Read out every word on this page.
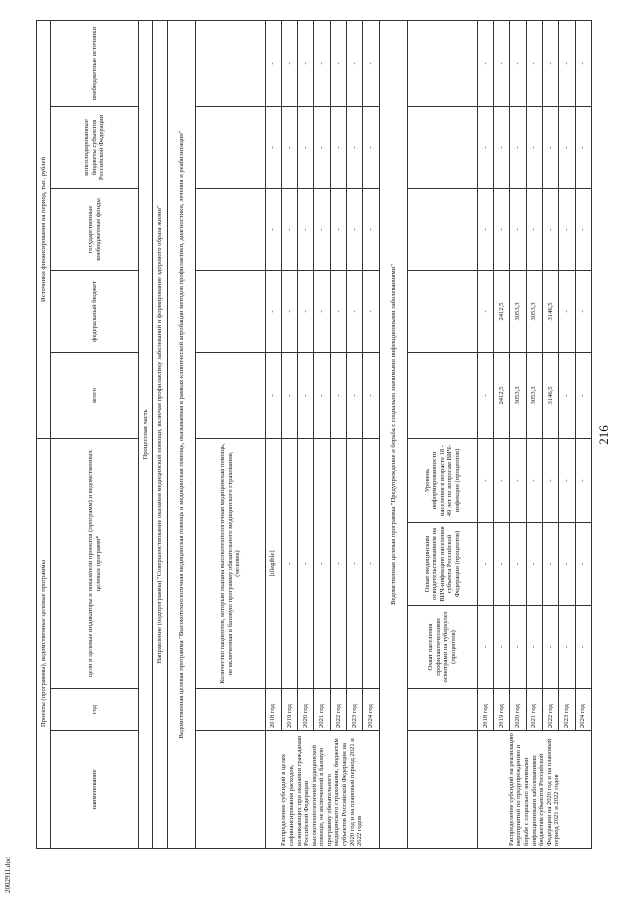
216
Проекты (программы), ведомственные целевые программы					Источники финансирования на период, тыс. рублей				
наименование	год	цели и целевые индикаторы и показатели проектов (программ) и ведомственных целевых программ*			всего	федеральный бюджет	государственные внебюджетные фонды	консолидированные бюджеты субъектов Российской Федерации	внебюджетные источники
Процессная часть									
Направление (подпрограмма) "Совершенствование оказания медицинской помощи, включая профилактику заболеваний и формирование здорового образа жизни"									
Ведомственная целевая программа "Высокотехнологичная медицинская помощь и медицинская помощь, оказываемая в рамках клинической апробации методов профилактики, диагностики, лечения и реабилитации"									
		Количество пациентов, которым оказана высокотехнологичная медицинская помощь, не включенная в базовую программу обязательного медицинского страхования, (человек)							
Распределение субсидий в целях софинансирования расходов, возникающих при оказании гражданам Российской Федерации высокотехнологичной медицинской помощи, не включенной в базовую программу обязательного медицинского страхования, бюджетам субъектов Российской Федерации на 2020 год и на плановый период 2021 и 2022 годов	2018 год	[illegible]			-	-	-	-	-
	2019 год	-			-	-	-	-	-
	2020 год	-			-	-	-	-	-
	2021 год	-			-	-	-	-	-
	2022 год	-			-	-	-	-	-
	2023 год	-			-	-	-	-	-
	2024 год	-			-	-	-	-	-
Ведомственная целевая программа "Предупреждение и борьба с социально значимыми инфекционными заболеваниями"									
		Охват населения профилактическими осмотрами на туберкулез (процентов)	Охват медицинским освидетельствованием на ВИЧ-инфекцию населения субъекта Российской Федерации (процентов)	Уровень информированности населения в возрасте 18 - 49 лет по вопросам ВИЧ-инфекции (процентов)					
Распределение субсидий на реализацию мероприятий по предупреждению и борьбе с социально значимыми инфекционными заболеваниями бюджетам субъектов Российской Федерации на 2020 год и на плановый период 2021 и 2022 годов	2018 год	-	-	-	-	-	-	-	-
	2019 год	-	-	-	2412,5	2412,5	-	-	-
	2020 год	-	-	-	3053,3	3053,3	-	-	-
	2021 год	-	-	-	3053,3	3053,3	-	-	-
	2022 год	-	-	-	3146,5	3146,5	-	-	-
	2023 год	-	-	-	-	-	-	-	-
	2024 год	-	-	-	-	-	-	-	-
2002911.doc
